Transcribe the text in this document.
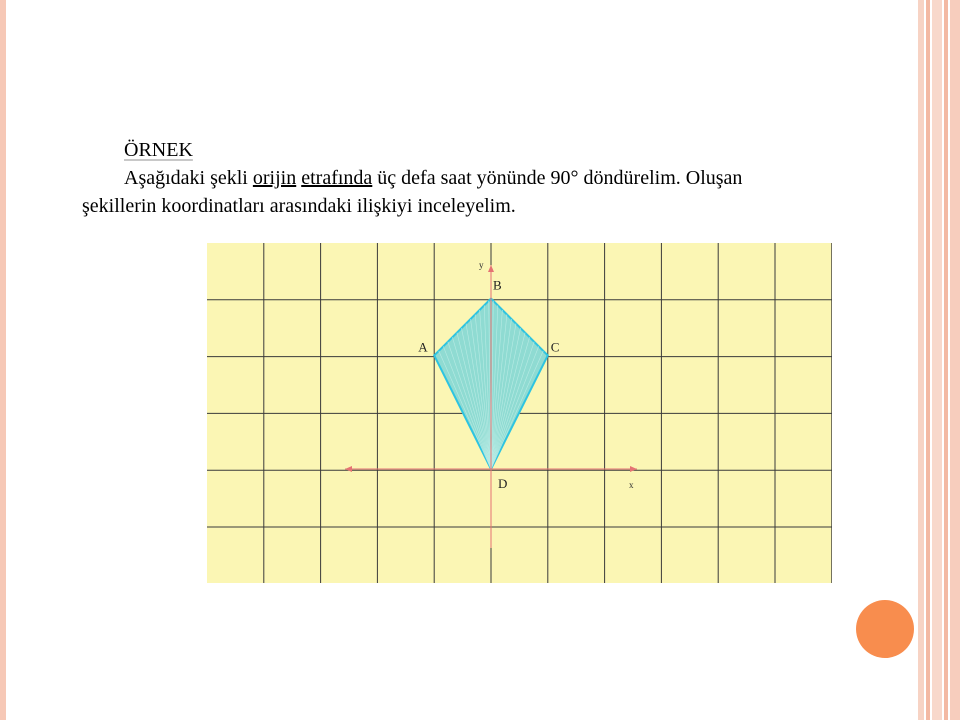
ÖRNEK
Aşağıdaki şekli orijin etrafında üç defa saat yönünde 90° döndürelim. Oluşan
şekillerin koordinatları arasındaki ilişkiyi inceleyelim.
x
y
A
B
C
D
